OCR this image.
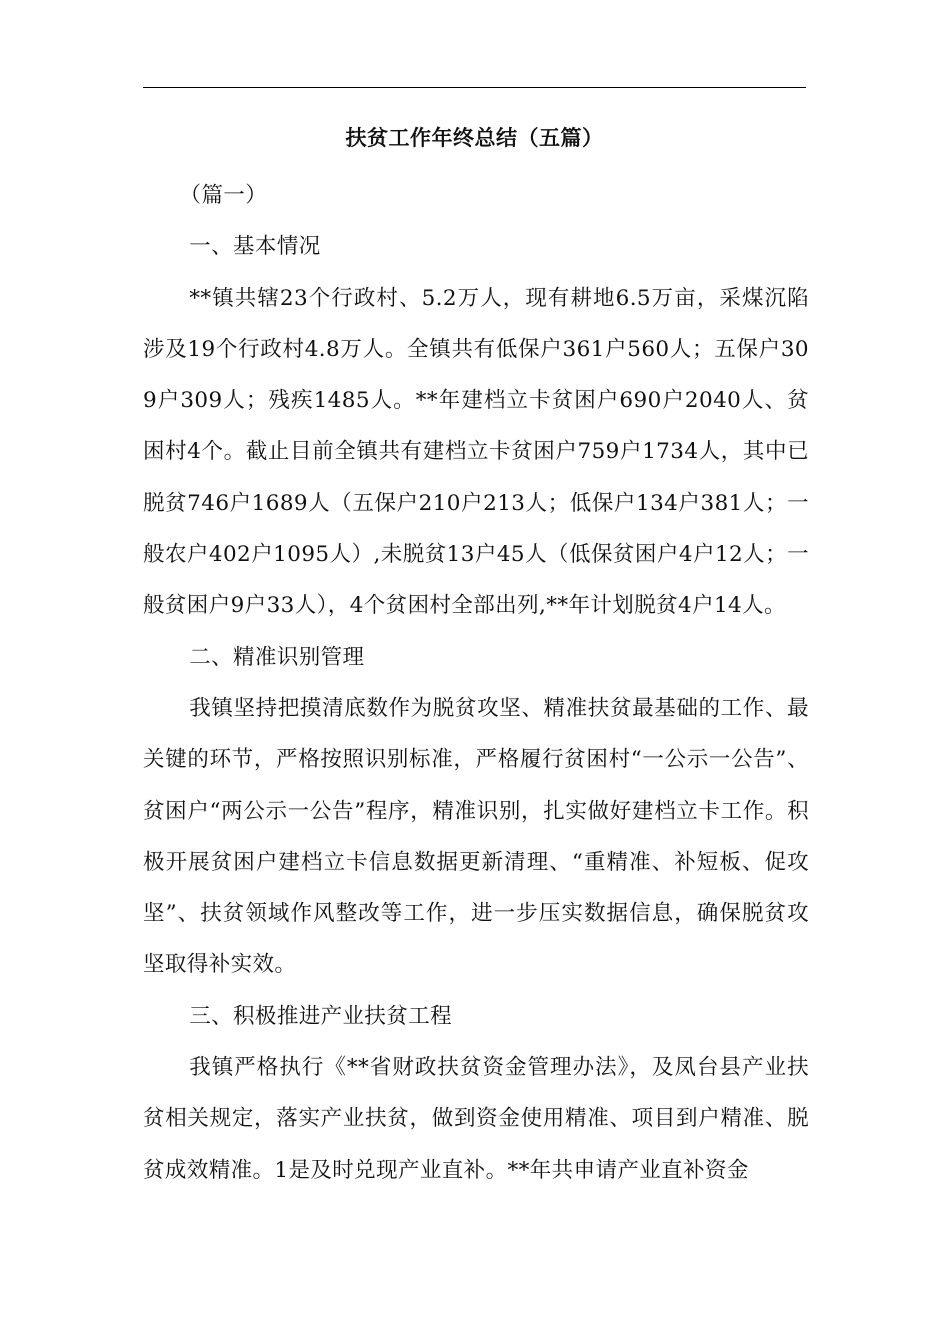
扶贫工作年终总结（五篇）

（篇一）

一、基本情况

**镇共辖23个行政村、5.2万人，现有耕地6.5万亩，采煤沉陷涉及19个行政村4.8万人。全镇共有低保户361户560人；五保户309户309人；残疾1485人。**年建档立卡贫困户690户2040人、贫困村4个。截止目前全镇共有建档立卡贫困户759户1734人，其中已脱贫746户1689人（五保户210户213人；低保户134户381人；一般农户402户1095人）,未脱贫13户45人（低保贫困户4户12人；一般贫困户9户33人），4个贫困村全部出列,**年计划脱贫4户14人。

二、精准识别管理

我镇坚持把摸清底数作为脱贫攻坚、精准扶贫最基础的工作、最关键的环节，严格按照识别标准，严格履行贫困村“一公示一公告”、贫困户“两公示一公告”程序，精准识别，扎实做好建档立卡工作。积极开展贫困户建档立卡信息数据更新清理、“重精准、补短板、促攻坚”、扶贫领域作风整改等工作，进一步压实数据信息，确保脱贫攻坚取得补实效。

三、积极推进产业扶贫工程

我镇严格执行《**省财政扶贫资金管理办法》，及凤台县产业扶贫相关规定，落实产业扶贫，做到资金使用精准、项目到户精准、脱贫成效精准。1是及时兑现产业直补。**年共申请产业直补资金
